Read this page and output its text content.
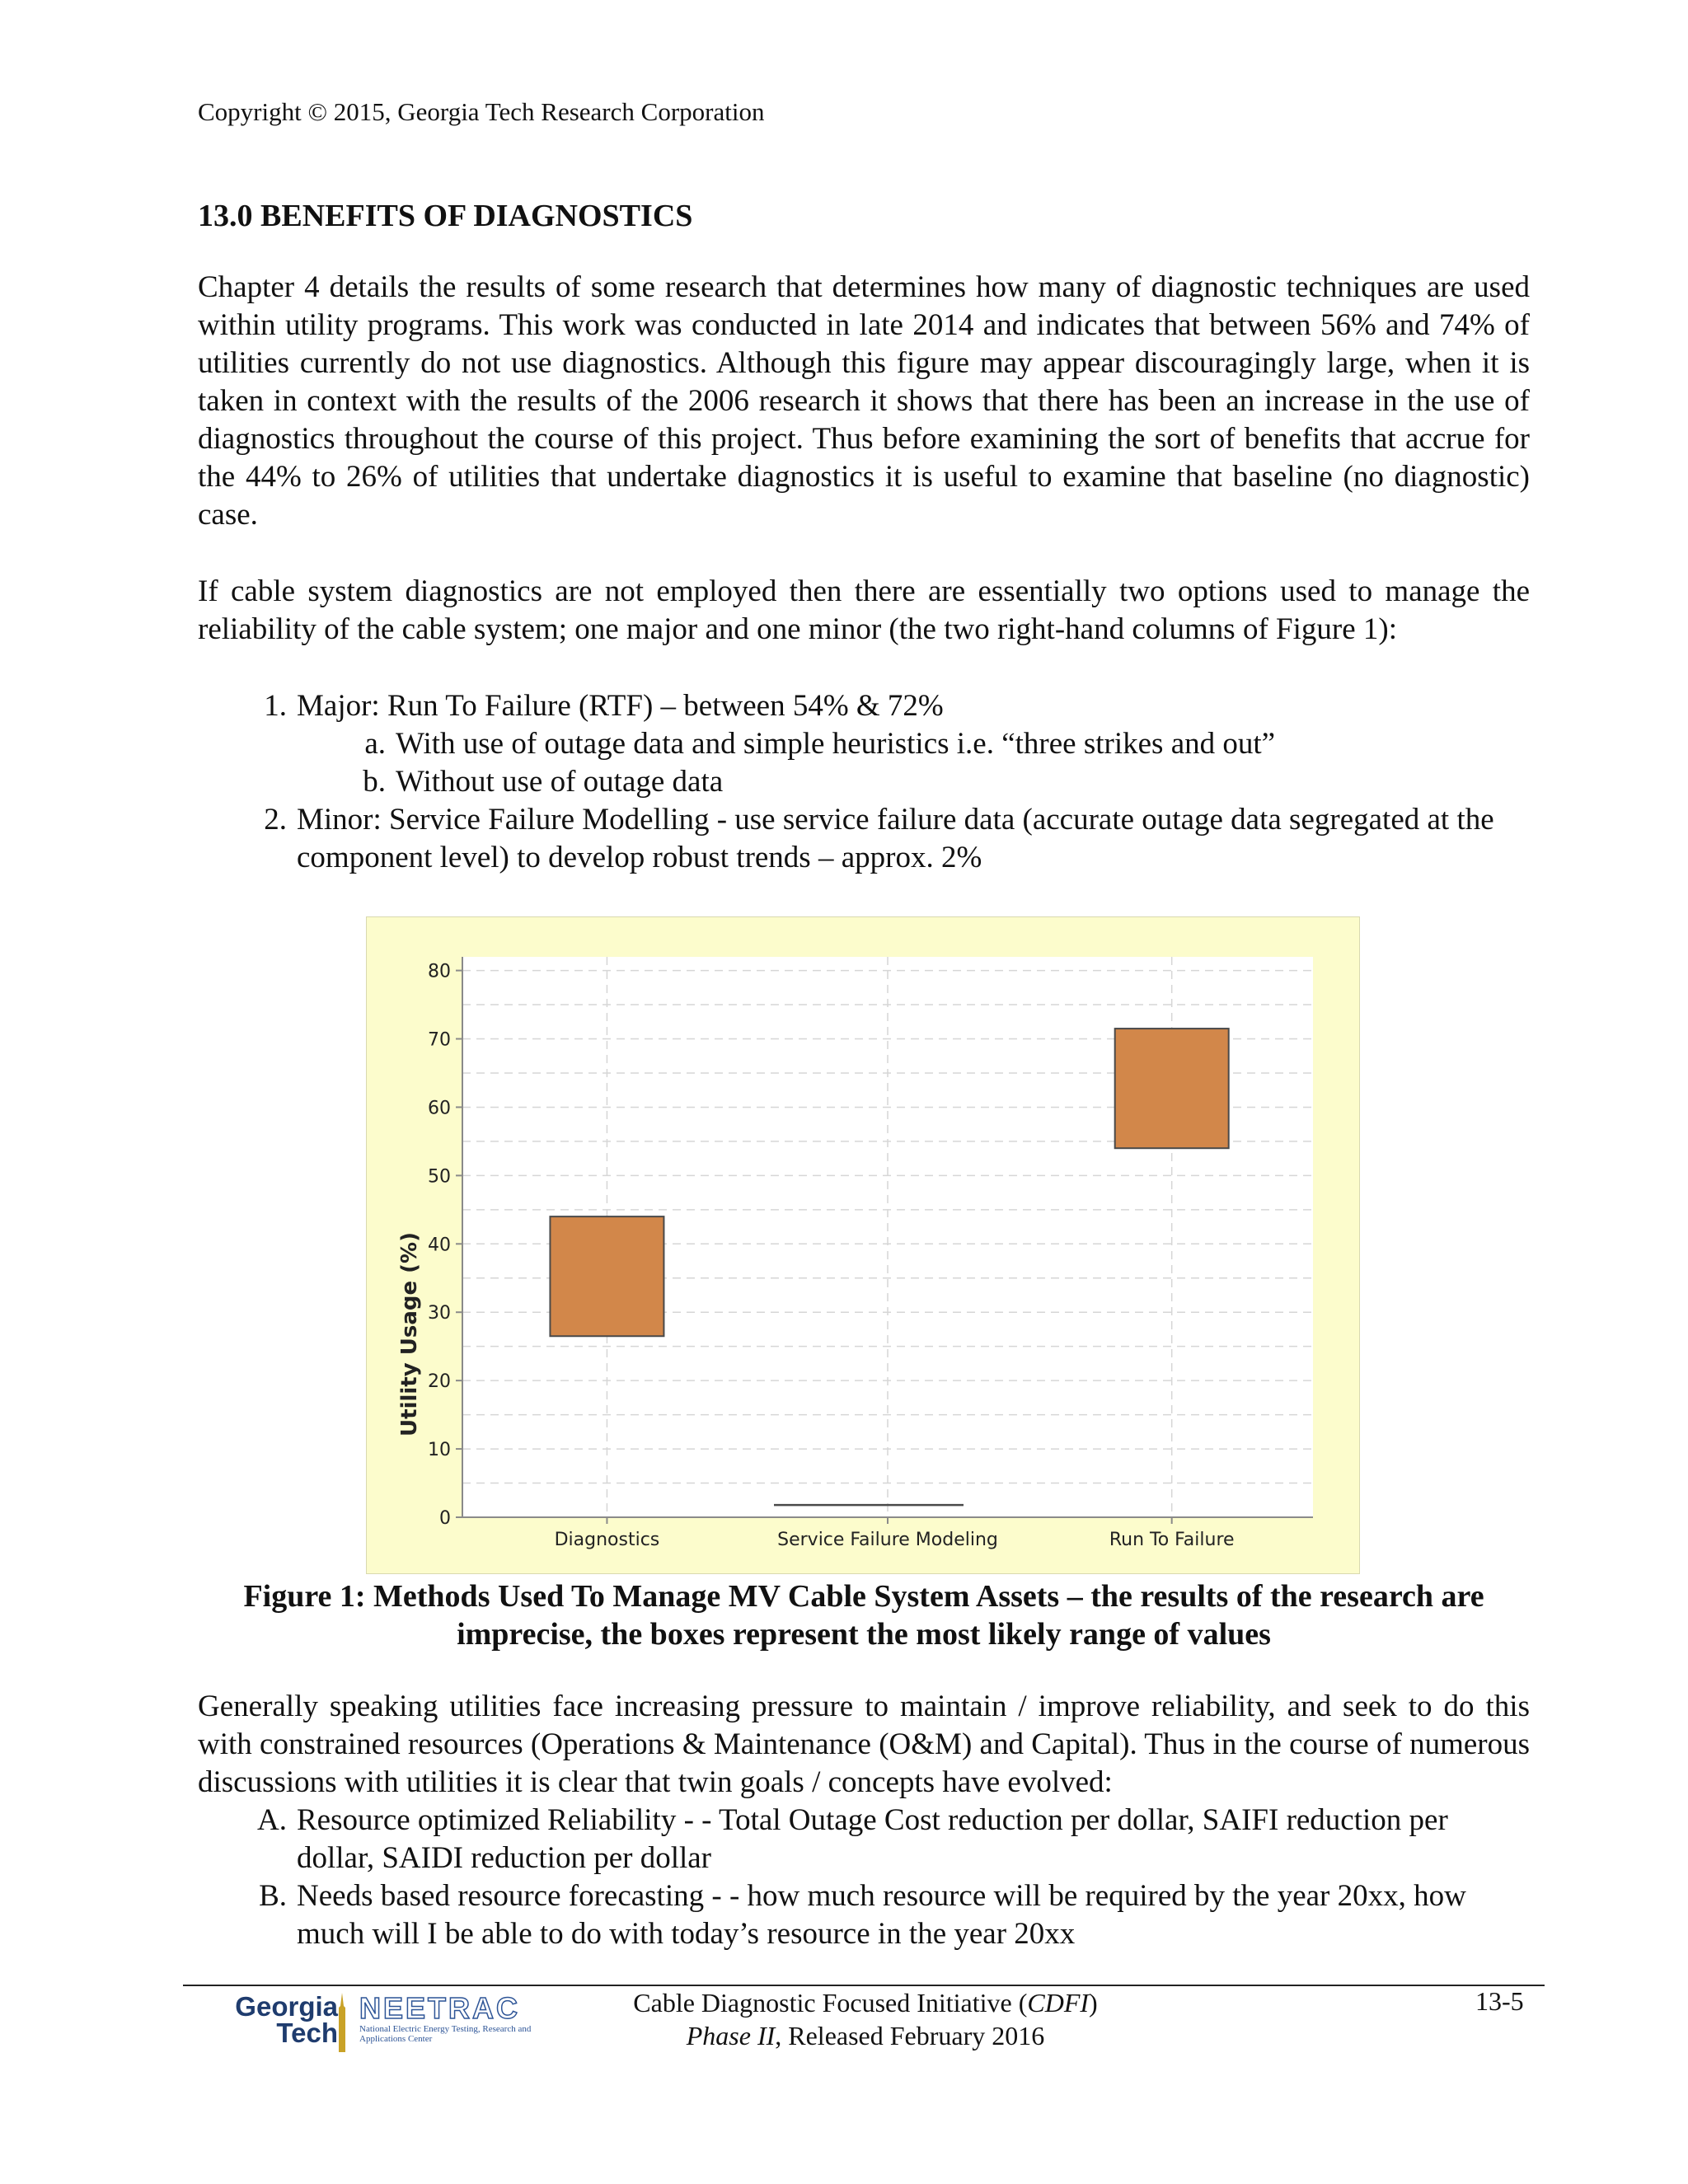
Copyright © 2015, Georgia Tech Research Corporation
13.0 BENEFITS OF DIAGNOSTICS

Chapter 4 details the results of some research that determines how many of diagnostic techniques are used within utility programs. This work was conducted in late 2014 and indicates that between 56% and 74% of utilities currently do not use diagnostics. Although this figure may appear discouragingly large, when it is taken in context with the results of the 2006 research it shows that there has been an increase in the use of diagnostics throughout the course of this project. Thus before examining the sort of benefits that accrue for the 44% to 26% of utilities that undertake diagnostics it is useful to examine that baseline (no diagnostic) case.

If cable system diagnostics are not employed then there are essentially two options used to manage the reliability of the cable system; one major and one minor (the two right-hand columns of Figure 1):

1. Major: Run To Failure (RTF) – between 54% & 72%
2. Minor: Service Failure Modelling - use service failure data (accurate outage data segregated at the component level) to develop robust trends – approx. 2%
a. With use of outage data and simple heuristics i.e. “three strikes and out”
b. Without use of outage data
0
10
20
30
40
50
60
70
80
Diagnostics	Service Failure Modeling	Run To Failure
Utility Usage (%)
Figure 1: Methods Used To Manage MV Cable System Assets – the results of the research are imprecise, the boxes represent the most likely range of values

Generally speaking utilities face increasing pressure to maintain / improve reliability, and seek to do this with constrained resources (Operations & Maintenance (O&M) and Capital). Thus in the course of numerous discussions with utilities it is clear that twin goals / concepts have evolved:

A. Resource optimized Reliability - - Total Outage Cost reduction per dollar, SAIFI reduction per dollar, SAIDI reduction per dollar
B. Needs based resource forecasting - - how much resource will be required by the year 20xx, how much will I be able to do with today’s resource in the year 20xx
Georgia
Tech
NEETRAC
National Electric Energy Testing, Research and Applications Center
Cable Diagnostic Focused Initiative (CDFI)
Phase II, Released February 2016
13-5
